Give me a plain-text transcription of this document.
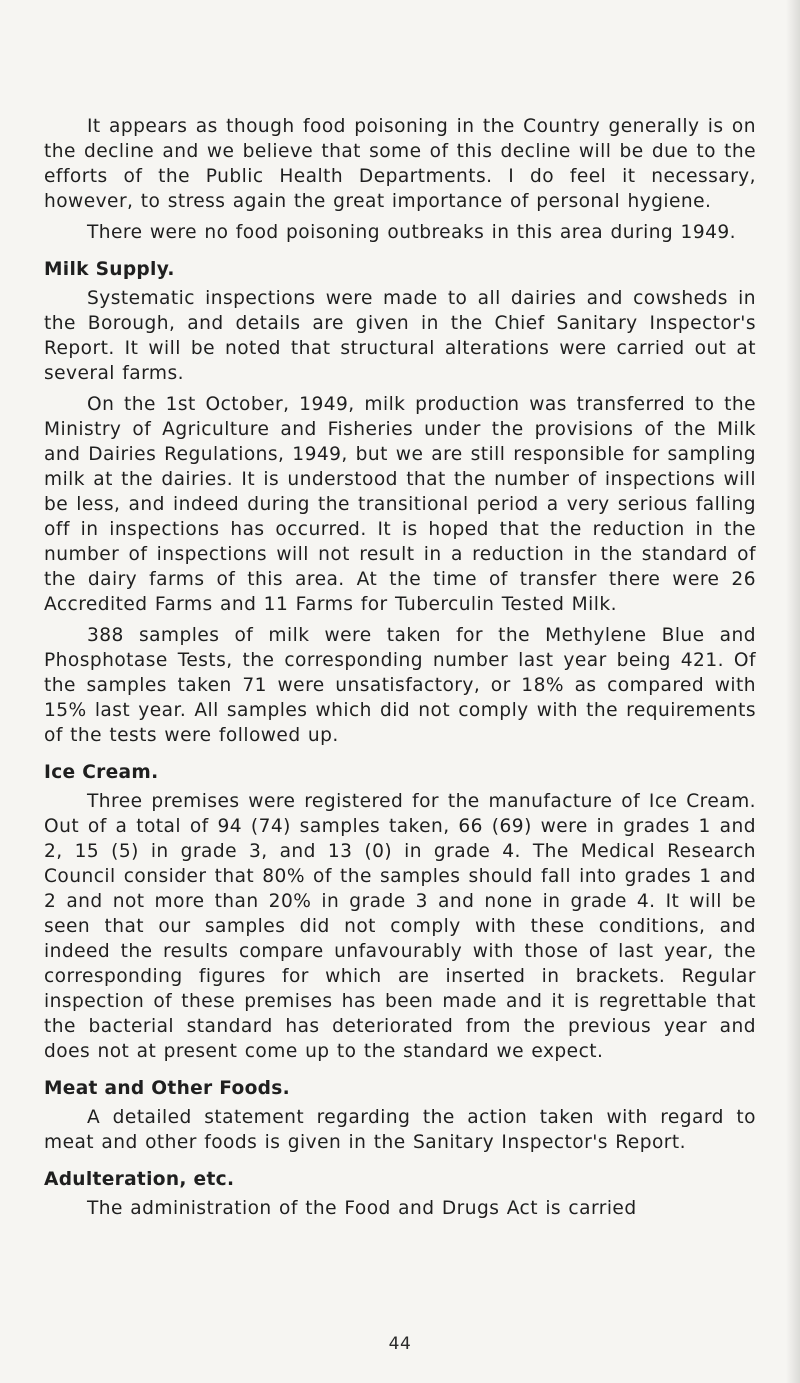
It appears as though food poisoning in the Country generally is on the decline and we believe that some of this decline will be due to the efforts of the Public Health Departments. I do feel it necessary, however, to stress again the great importance of personal hygiene.

There were no food poisoning outbreaks in this area during 1949.

Milk Supply.

Systematic inspections were made to all dairies and cowsheds in the Borough, and details are given in the Chief Sanitary Inspector's Report. It will be noted that structural alterations were carried out at several farms.

On the 1st October, 1949, milk production was transferred to the Ministry of Agriculture and Fisheries under the provisions of the Milk and Dairies Regulations, 1949, but we are still responsible for sampling milk at the dairies. It is understood that the number of inspections will be less, and indeed during the transitional period a very serious falling off in inspections has occurred. It is hoped that the reduction in the number of inspections will not result in a reduction in the standard of the dairy farms of this area. At the time of transfer there were 26 Accredited Farms and 11 Farms for Tuberculin Tested Milk.

388 samples of milk were taken for the Methylene Blue and Phosphotase Tests, the corresponding number last year being 421. Of the samples taken 71 were unsatisfactory, or 18% as compared with 15% last year. All samples which did not comply with the requirements of the tests were followed up.

Ice Cream.

Three premises were registered for the manufacture of Ice Cream. Out of a total of 94 (74) samples taken, 66 (69) were in grades 1 and 2, 15 (5) in grade 3, and 13 (0) in grade 4. The Medical Research Council consider that 80% of the samples should fall into grades 1 and 2 and not more than 20% in grade 3 and none in grade 4. It will be seen that our samples did not comply with these conditions, and indeed the results compare unfavourably with those of last year, the corresponding figures for which are inserted in brackets. Regular inspection of these premises has been made and it is regrettable that the bacterial standard has deteriorated from the previous year and does not at present come up to the standard we expect.

Meat and Other Foods.

A detailed statement regarding the action taken with regard to meat and other foods is given in the Sanitary Inspector's Report.

Adulteration, etc.

The administration of the Food and Drugs Act is carried

44
